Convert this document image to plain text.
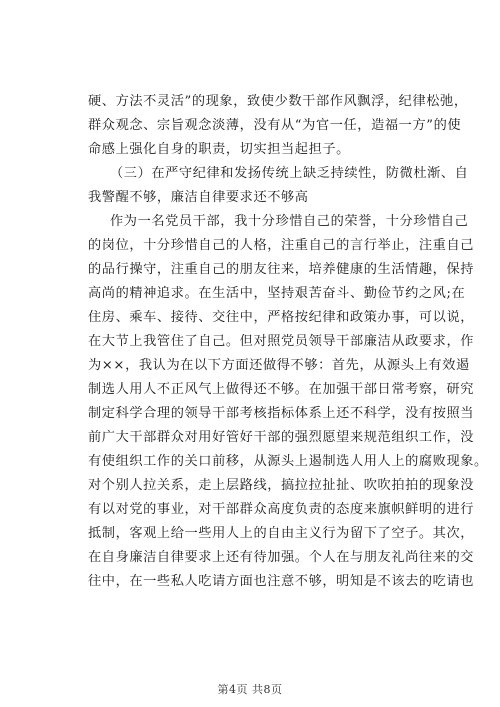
硬、方法不灵活”的现象，致使少数干部作风飘浮，纪律松弛，
群众观念、宗旨观念淡薄，没有从“为官一任，造福一方”的使
命感上强化自身的职责，切实担当起担子。
（三）在严守纪律和发扬传统上缺乏持续性，防微杜渐、自
我警醒不够，廉洁自律要求还不够高
作为一名党员干部，我十分珍惜自己的荣誉，十分珍惜自己
的岗位，十分珍惜自己的人格，注重自己的言行举止，注重自己
的品行操守，注重自己的朋友往来，培养健康的生活情趣，保持
高尚的精神追求。在生活中，坚持艰苦奋斗、勤俭节约之风;在
住房、乘车、接待、交往中，严格按纪律和政策办事，可以说，
在大节上我管住了自己。但对照党员领导干部廉洁从政要求，作
为××，我认为在以下方面还做得不够：首先，从源头上有效遏
制选人用人不正风气上做得还不够。在加强干部日常考察，研究
制定科学合理的领导干部考核指标体系上还不科学，没有按照当
前广大干部群众对用好管好干部的强烈愿望来规范组织工作，没
有使组织工作的关口前移，从源头上遏制选人用人上的腐败现象。
对个别人拉关系，走上层路线，搞拉拉扯扯、吹吹拍拍的现象没
有以对党的事业，对干部群众高度负责的态度来旗帜鲜明的进行
抵制，客观上给一些用人上的自由主义行为留下了空子。其次，
在自身廉洁自律要求上还有待加强。个人在与朋友礼尚往来的交
往中，在一些私人吃请方面也注意不够，明知是不该去的吃请也
第4页 共8页
